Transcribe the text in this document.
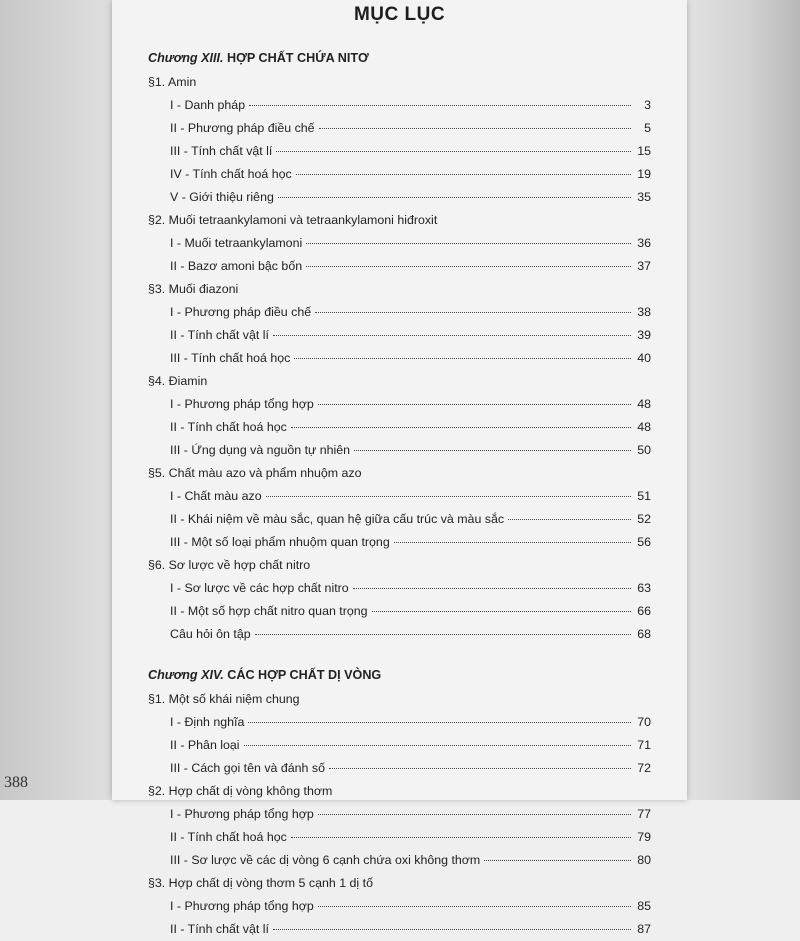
MỤC LỤC
Chương XIII. HỢP CHẤT CHỨA NITƠ
§1. Amin
I - Danh pháp	3
II - Phương pháp điều chế	5
III - Tính chất vật lí	15
IV - Tính chất hoá học	19
V - Giới thiệu riêng	35
§2. Muối tetraankylamoni và tetraankylamoni hiđroxit
I - Muối tetraankylamoni	36
II - Bazơ amoni bậc bốn	37
§3. Muối điazoni
I - Phương pháp điều chế	38
II - Tính chất vật lí	39
III - Tính chất hoá học	40
§4. Điamin
I - Phương pháp tổng hợp	48
II - Tính chất hoá học	48
III - Ứng dụng và nguồn tự nhiên	50
§5. Chất màu azo và phẩm nhuộm azo
I - Chất màu azo	51
II - Khái niệm về màu sắc, quan hệ giữa cấu trúc và màu sắc	52
III - Một số loại phẩm nhuộm quan trọng	56
§6. Sơ lược về hợp chất nitro
I - Sơ lược về các hợp chất nitro	63
II - Một số hợp chất nitro quan trọng	66
Câu hỏi ôn tập	68
Chương XIV. CÁC HỢP CHẤT DỊ VÒNG
§1. Một số khái niệm chung
I - Định nghĩa	70
II - Phân loại	71
III - Cách gọi tên và đánh số	72
§2. Hợp chất dị vòng không thơm
I - Phương pháp tổng hợp	77
II - Tính chất hoá học	79
III - Sơ lược về các dị vòng 6 cạnh chứa oxi không thơm	80
§3. Hợp chất dị vòng thơm 5 cạnh 1 dị tố
I - Phương pháp tổng hợp	85
II - Tính chất vật lí	87
388
